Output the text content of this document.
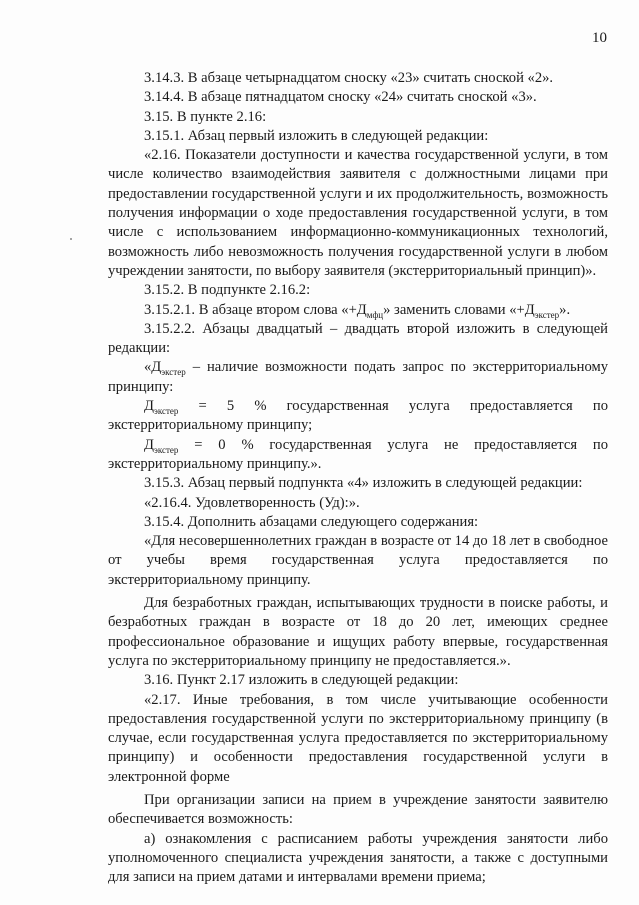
10

3.14.3. В абзаце четырнадцатом сноску «23» считать сноской «2».

3.14.4. В абзаце пятнадцатом сноску «24» считать сноской «3».

3.15. В пункте 2.16:

3.15.1. Абзац первый изложить в следующей редакции:

«2.16. Показатели доступности и качества государственной услуги, в том числе количество взаимодействия заявителя с должностными лицами при предоставлении государственной услуги и их продолжительность, возможность получения информации о ходе предоставления государственной услуги, в том числе с использованием информационно-коммуникационных технологий, возможность либо невозможность получения государственной услуги в любом учреждении занятости, по выбору заявителя (экстерриториальный принцип)».

3.15.2. В подпункте 2.16.2:

3.15.2.1. В абзаце втором слова «$+Д_{мфц}$» заменить словами «$+Д_{экстер}$».

3.15.2.2. Абзацы двадцатый – двадцать второй изложить в следующей редакции:

«$Д_{экстер}$ – наличие возможности подать запрос по экстерриториальному принципу:

$Д_{экстер} = 5$ % государственная услуга предоставляется по экстерриториальному принципу;

$Д_{экстер} = 0$ % государственная услуга не предоставляется по экстерриториальному принципу.».

3.15.3. Абзац первый подпункта «4» изложить в следующей редакции:

«2.16.4. Удовлетворенность (Уд):».

3.15.4. Дополнить абзацами следующего содержания:

«Для несовершеннолетних граждан в возрасте от 14 до 18 лет в свободное от учебы время государственная услуга предоставляется по экстерриториальному принципу.

Для безработных граждан, испытывающих трудности в поиске работы, и безработных граждан в возрасте от 18 до 20 лет, имеющих среднее профессиональное образование и ищущих работу впервые, государственная услуга по экстерриториальному принципу не предоставляется.».

3.16. Пункт 2.17 изложить в следующей редакции:

«2.17. Иные требования, в том числе учитывающие особенности предоставления государственной услуги по экстерриториальному принципу (в случае, если государственная услуга предоставляется по экстерриториальному принципу) и особенности предоставления государственной услуги в электронной форме

При организации записи на прием в учреждение занятости заявителю обеспечивается возможность:

а) ознакомления с расписанием работы учреждения занятости либо уполномоченного специалиста учреждения занятости, а также с доступными для записи на прием датами и интервалами времени приема;
